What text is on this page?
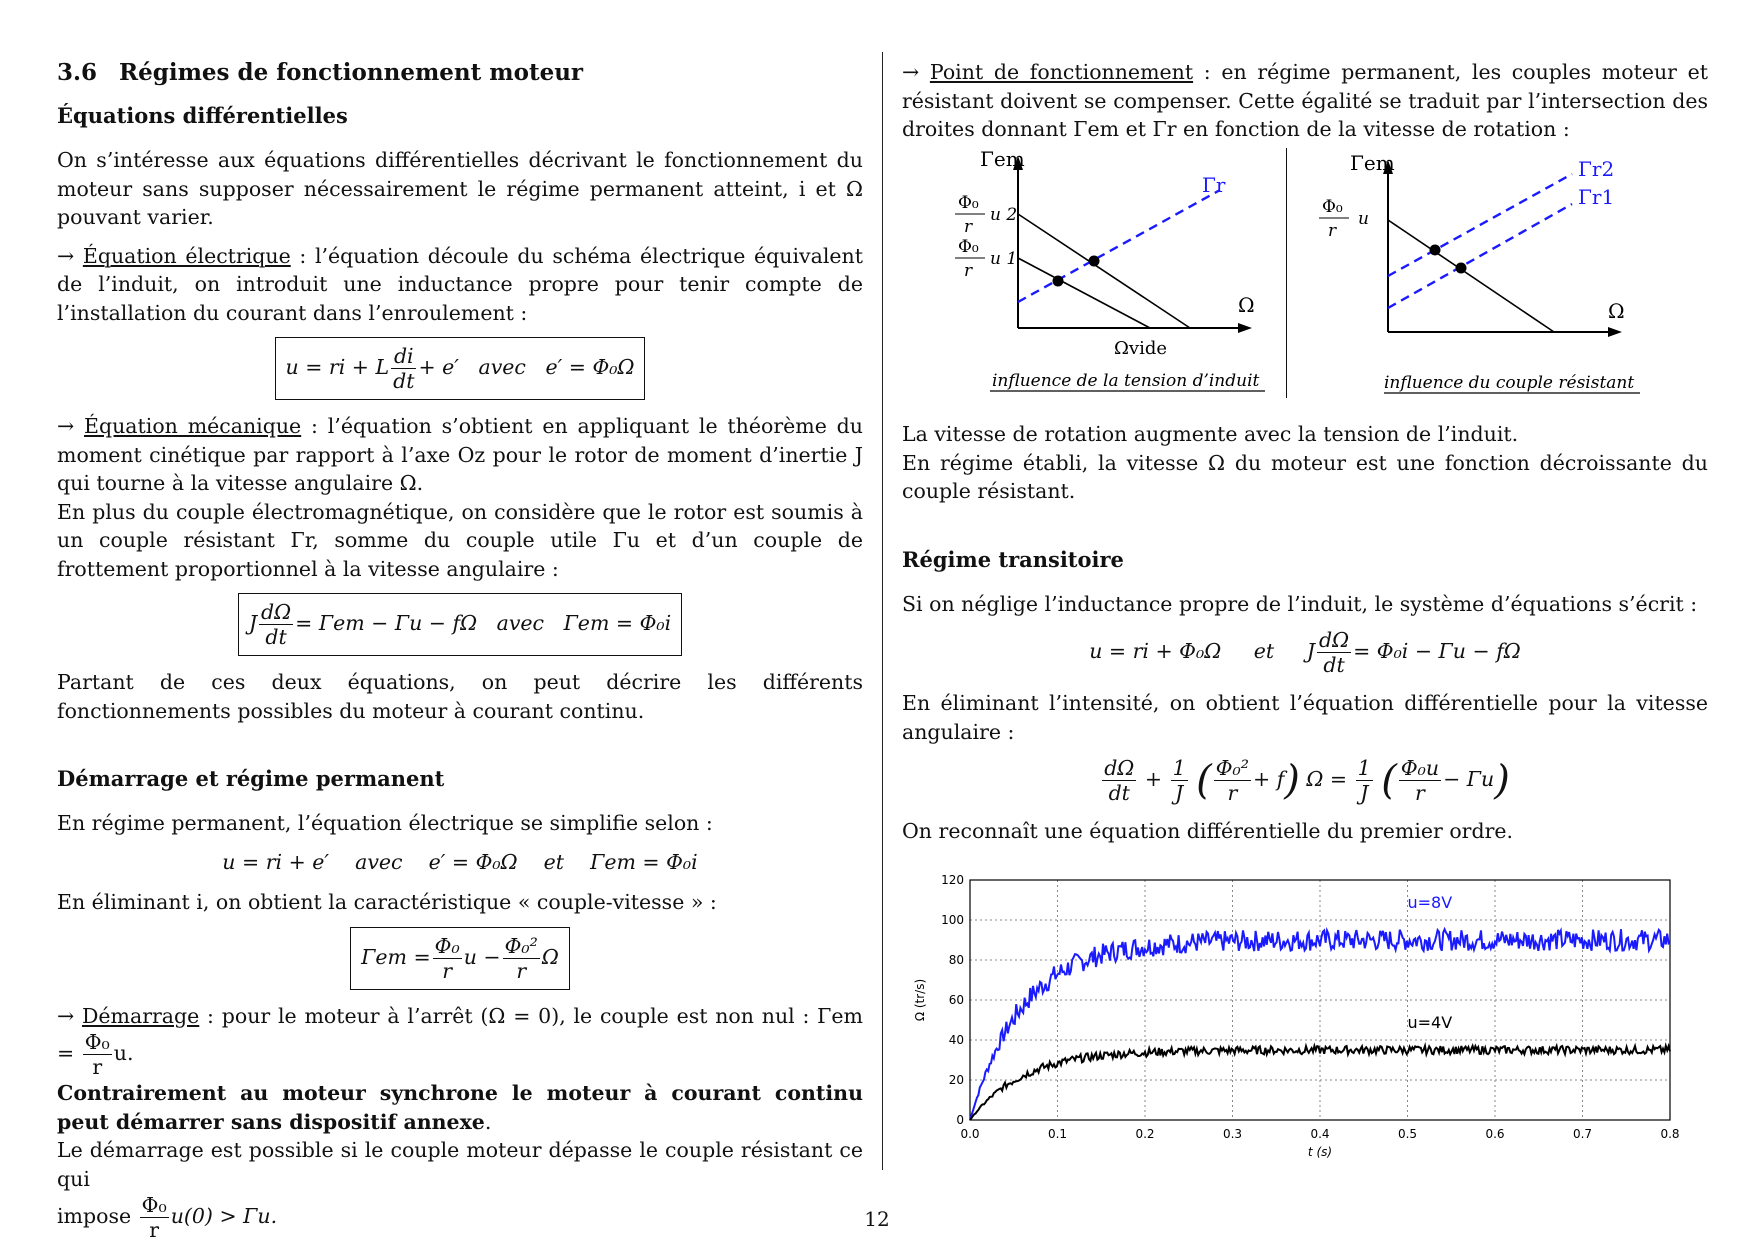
3.6 Régimes de fonctionnement moteur
Équations différentielles

On s’intéresse aux équations différentielles décrivant le fonctionnement du moteur sans supposer nécessairement le régime permanent atteint, i et Ω pouvant varier.

→ Équation électrique : l’équation découle du schéma électrique équivalent de l’induit, on introduit une inductance propre pour tenir compte de l’installation du courant dans l’enroulement :

u = ri + L $\frac{di}{dt} + e'$   avec   e′ = Φ₀Ω

→ Équation mécanique : l’équation s’obtient en appliquant le théorème du moment cinétique par rapport à l’axe Oz pour le rotor de moment d’inertie J qui tourne à la vitesse angulaire Ω.

En plus du couple électromagnétique, on considère que le rotor est soumis à un couple résistant Γr, somme du couple utile Γu et d’un couple de frottement proportionnel à la vitesse angulaire :

J $\frac{d\Omega}{dt} = \Gamma em - \Gamma u - f\Omega$   avec   Γem = Φ₀i

Partant de ces deux équations, on peut décrire les différents fonctionnements possibles du moteur à courant continu.

Démarrage et régime permanent

En régime permanent, l’équation électrique se simplifie selon :

u = ri + e′    avec    e′ = Φ₀Ω    et    Γem = Φ₀i

En éliminant i, on obtient la caractéristique « couple-vitesse » :

$\Gamma em = \frac{\text{Φ₀}}{r}$ $u - \frac{\text{Φ₀²}}{r}$ Ω

→ Démarrage : pour le moteur à l’arrêt (Ω = 0), le couple est non nul : $\Gamma em = \frac{\text{Φ₀}}{r} u$.

Contrairement au moteur synchrone le moteur à courant continu peut démarrer sans dispositif annexe.

Le démarrage est possible si le couple moteur dépasse le couple résistant ce qui

impose $\frac{\text{Φ₀}}{r} u(0) > \Gamma u$.

→ Point de fonctionnement : en régime permanent, les couples moteur et résistant doivent se compenser. Cette égalité se traduit par l’intersection des droites donnant Γem et Γr en fonction de la vitesse de rotation :

Γem
Ω
Γr
Φ₀
r
u 2
Φ₀
r
u 1
Ωvide
influence de la tension d’induit
Γem
Ω
Γr2
Γr1
Φ₀
r
u
influence du couple résistant

La vitesse de rotation augmente avec la tension de l’induit.

En régime établi, la vitesse Ω du moteur est une fonction décroissante du couple résistant.

Régime transitoire

Si on néglige l’inductance propre de l’induit, le système d’équations s’écrit :

u = ri + Φ₀Ω     et     J $\frac{d\Omega}{dt} = \Phi_0i - \Gamma u - f\Omega$

En éliminant l’intensité, on obtient l’équation différentielle pour la vitesse angulaire :

$\frac{d\Omega}{dt} + \frac{1}{J}$ ( $\frac{\text{Φ₀²}}{r} + f$) $\Omega = \frac{1}{J}$ ( $\frac{\text{Φ₀u}}{r} - \Gamma u$)

On reconnaît une équation différentielle du premier ordre.

0.0	0.1	0.2	0.3	0.4	0.5	0.6	0.7	0.8
0
20
40
60
80
100
120
t (s)
Ω (tr/s)
u=8V
u=4V
12
